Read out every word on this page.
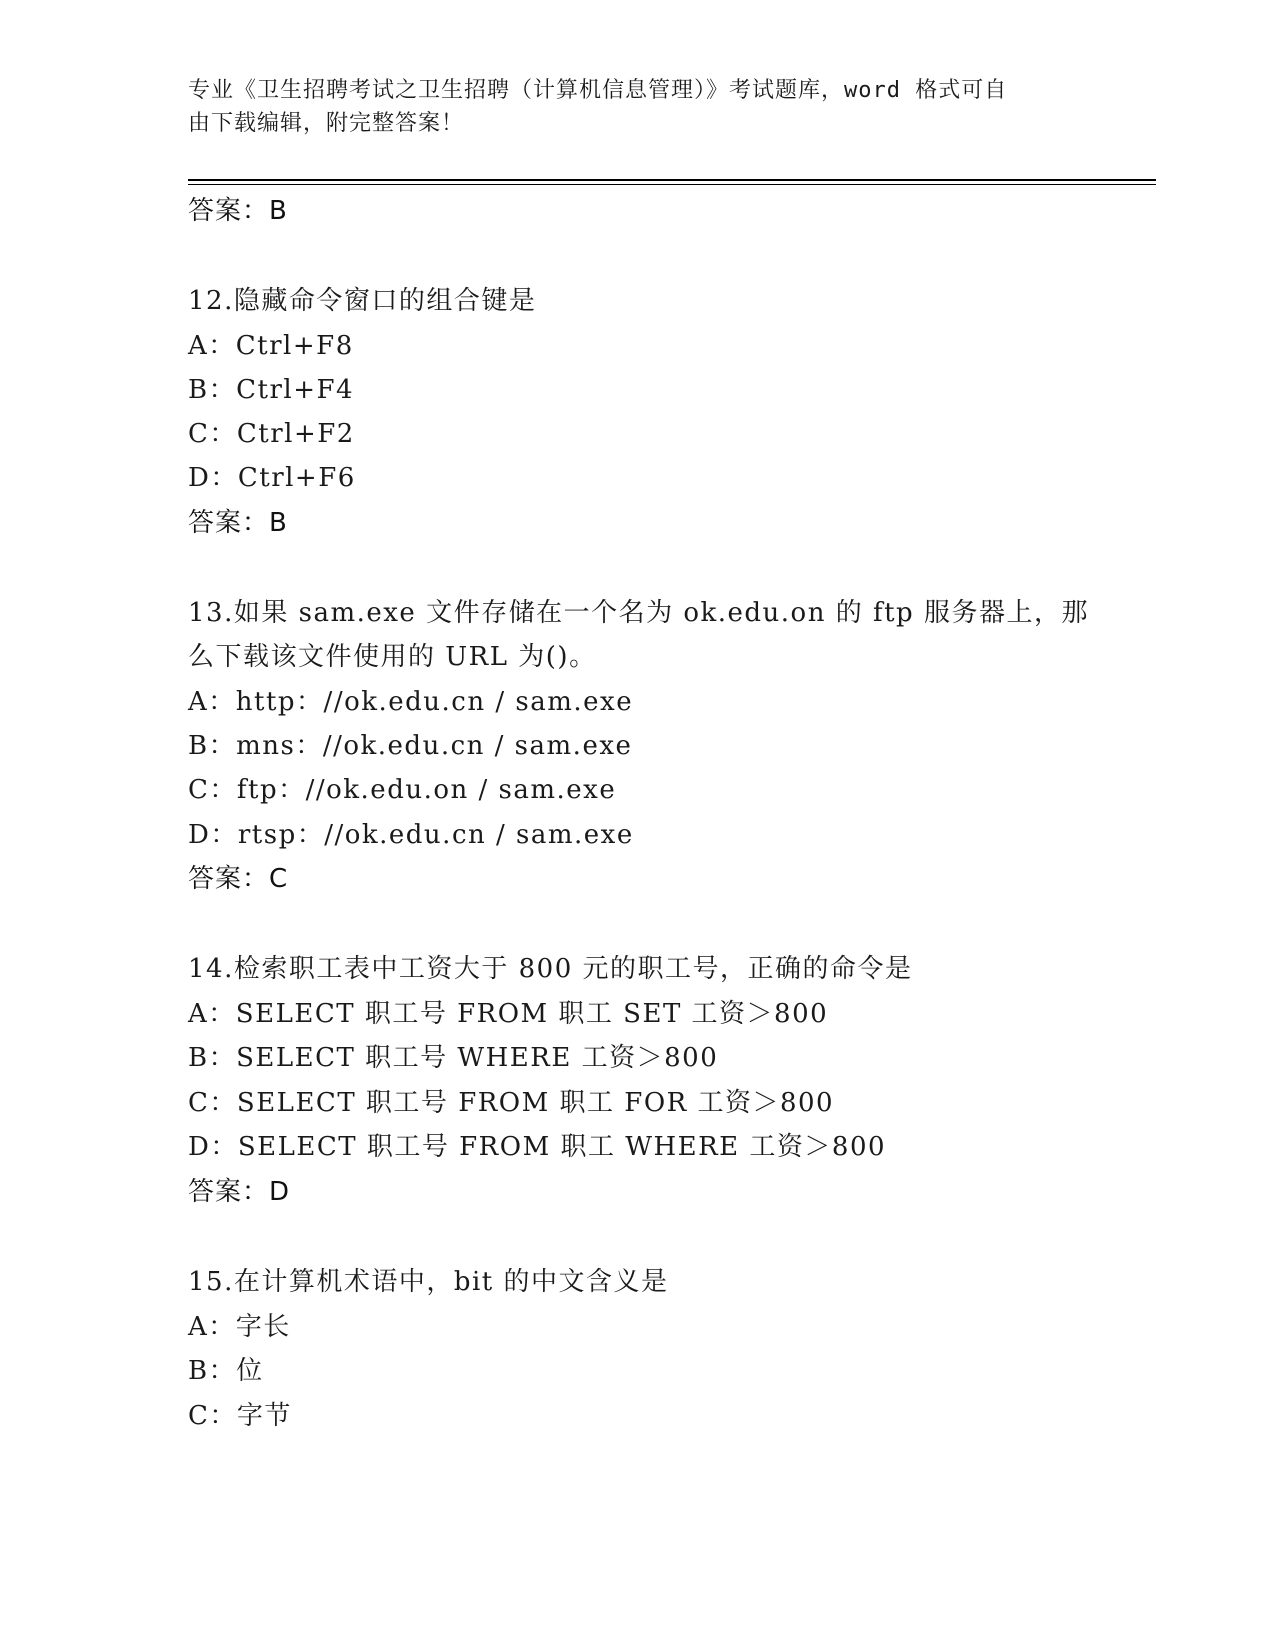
专业《卫生招聘考试之卫生招聘（计算机信息管理）》考试题库，word 格式可自
由下载编辑，附完整答案！
答案：B
12.隐藏命令窗口的组合键是
A：Ctrl+F8
B：Ctrl+F4
C：Ctrl+F2
D：Ctrl+F6
答案：B
13.如果 sam.exe 文件存储在一个名为 ok.edu.on 的 ftp 服务器上，那
么下载该文件使用的 URL 为()。
A：http：//ok.edu.cn / sam.exe
B：mns：//ok.edu.cn / sam.exe
C：ftp：//ok.edu.on / sam.exe
D：rtsp：//ok.edu.cn / sam.exe
答案：C
14.检索职工表中工资大于 800 元的职工号，正确的命令是
A：SELECT 职工号 FROM 职工 SET 工资＞800
B：SELECT 职工号 WHERE 工资＞800
C：SELECT 职工号 FROM 职工 FOR 工资＞800
D：SELECT 职工号 FROM 职工 WHERE 工资＞800
答案：D
15.在计算机术语中，bit 的中文含义是
A：字长
B：位
C：字节
